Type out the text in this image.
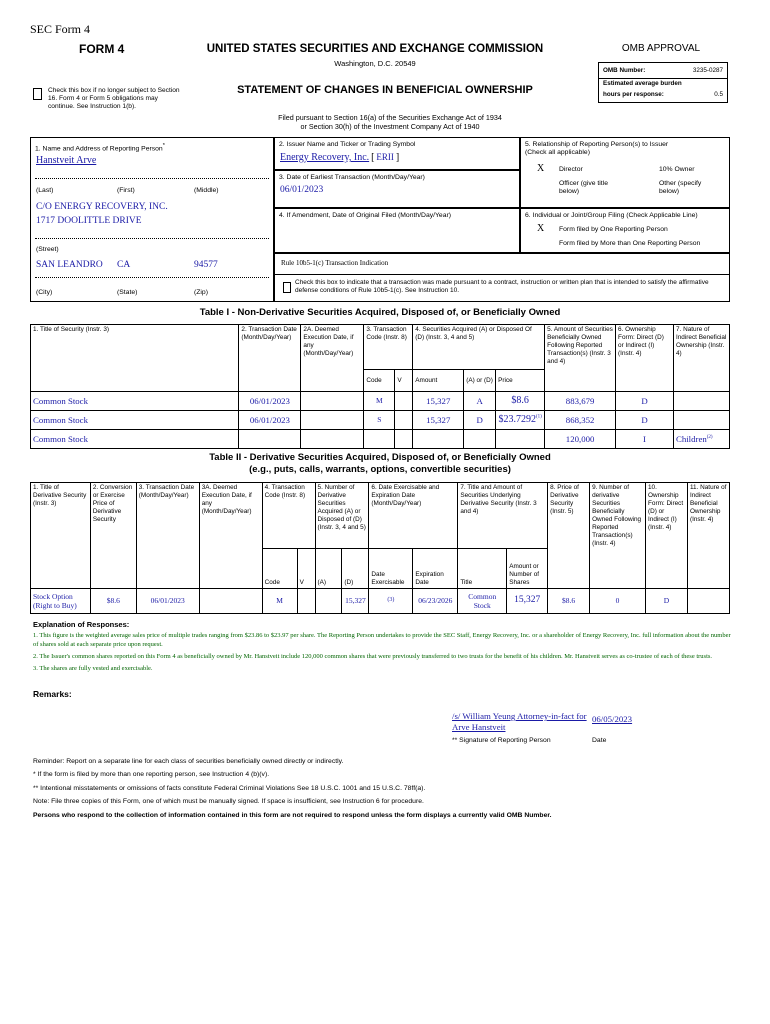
SEC Form 4
FORM 4	UNITED STATES SECURITIES AND EXCHANGE COMMISSION
Washington, D.C. 20549
OMB APPROVAL
OMB Number:	3235-0287
Estimated average burden
hours per response:	0.5
Check this box if no longer subject to Section 16. Form 4 or Form 5 obligations may continue. See Instruction 1(b).
STATEMENT OF CHANGES IN BENEFICIAL OWNERSHIP
Filed pursuant to Section 16(a) of the Securities Exchange Act of 1934
or Section 30(h) of the Investment Company Act of 1940
1. Name and Address of Reporting Person*
Hanstveit Arve
(Last)	(First)	(Middle)
C/O ENERGY RECOVERY, INC.
1717 DOOLITTLE DRIVE
(Street)
SAN LEANDRO CA	94577
(City)	(State)	(Zip)
2. Issuer Name and Ticker or Trading Symbol
Energy Recovery, Inc. [ ERII ]
3. Date of Earliest Transaction (Month/Day/Year)
06/01/2023
4. If Amendment, Date of Original Filed (Month/Day/Year)
5. Relationship of Reporting Person(s) to Issuer
(Check all applicable)
X Director	10% Owner
Officer (give title below)
Other (specify below)
6. Individual or Joint/Group Filing (Check Applicable Line)
X Form filed by One Reporting Person
Form filed by More than One Reporting Person
Rule 10b5-1(c) Transaction Indication
Check this box to indicate that a transaction was made pursuant to a contract, instruction or written plan that is intended to satisfy the affirmative defense conditions of Rule 10b5-1(c). See Instruction 10.
Table I - Non-Derivative Securities Acquired, Disposed of, or Beneficially Owned
1. Title of Security (Instr. 3)	2. Transaction Date (Month/Day/Year)	2A. Deemed Execution Date, if any (Month/Day/Year)	3. Transaction Code (Instr. 8)		4. Securities Acquired (A) or Disposed Of (D) (Instr. 3, 4 and 5)			5. Amount of Securities Beneficially Owned Following Reported Transaction(s) (Instr. 3 and 4)	6. Ownership Form: Direct (D) or Indirect (I) (Instr. 4)	7. Nature of Indirect Beneficial Ownership (Instr. 4)
			Code	V	Amount	(A) or (D)	Price			
Common Stock	06/01/2023		M		15,327	A	$8.6	883,679	D	
Common Stock	06/01/2023		S		15,327	D	$23.7292$^{(1)}$	868,352	D	
Common Stock								120,000	I	Children$^{(2)}$
Table II - Derivative Securities Acquired, Disposed of, or Beneficially Owned
(e.g., puts, calls, warrants, options, convertible securities)
1. Title of Derivative Security (Instr. 3)	2. Conversion or Exercise Price of Derivative Security	3. Transaction Date (Month/Day/Year)	3A. Deemed Execution Date, if any (Month/Day/Year)	4. Transaction Code (Instr. 8)		5. Number of Derivative Securities Acquired (A) or Disposed of (D) (Instr. 3, 4 and 5)		6. Date Exercisable and Expiration Date (Month/Day/Year)		7. Title and Amount of Securities Underlying Derivative Security (Instr. 3 and 4)		8. Price of Derivative Security (Instr. 5)	9. Number of derivative Securities Beneficially Owned Following Reported Transaction(s) (Instr. 4)	10. Ownership Form: Direct (D) or Indirect (I) (Instr. 4)	11. Nature of Indirect Beneficial Ownership (Instr. 4)
				Code	V	(A)	(D)	Date Exercisable	Expiration Date	Title	Amount or Number of Shares				
Stock Option (Right to Buy)	$8.6	06/01/2023		M			15,327	(3)	06/23/2026	Common Stock	15,327	$8.6	0	D	
Explanation of Responses:
1. This figure is the weighted average sales price of multiple trades ranging from $23.86 to $23.97 per share. The Reporting Person undertakes to provide the SEC Staff, Energy Recovery, Inc. or a shareholder of Energy Recovery, Inc. full information about the number of shares sold at each separate price upon request.
2. The Issuer's common shares reported on this Form 4 as beneficially owned by Mr. Hanstveit include 120,000 common shares that were previously transferred to two trusts for the benefit of his children. Mr. Hanstveit serves as co-trustee of each of these trusts.
3. The shares are fully vested and exercisable.
Remarks:
/s/ William Yeung Attorney-in-fact for Arve Hanstveit
06/05/2023
** Signature of Reporting Person	Date
Reminder: Report on a separate line for each class of securities beneficially owned directly or indirectly.
* If the form is filed by more than one reporting person, see Instruction 4 (b)(v).
** Intentional misstatements or omissions of facts constitute Federal Criminal Violations See 18 U.S.C. 1001 and 15 U.S.C. 78ff(a).
Note: File three copies of this Form, one of which must be manually signed. If space is insufficient, see Instruction 6 for procedure.
Persons who respond to the collection of information contained in this form are not required to respond unless the form displays a currently valid OMB Number.
